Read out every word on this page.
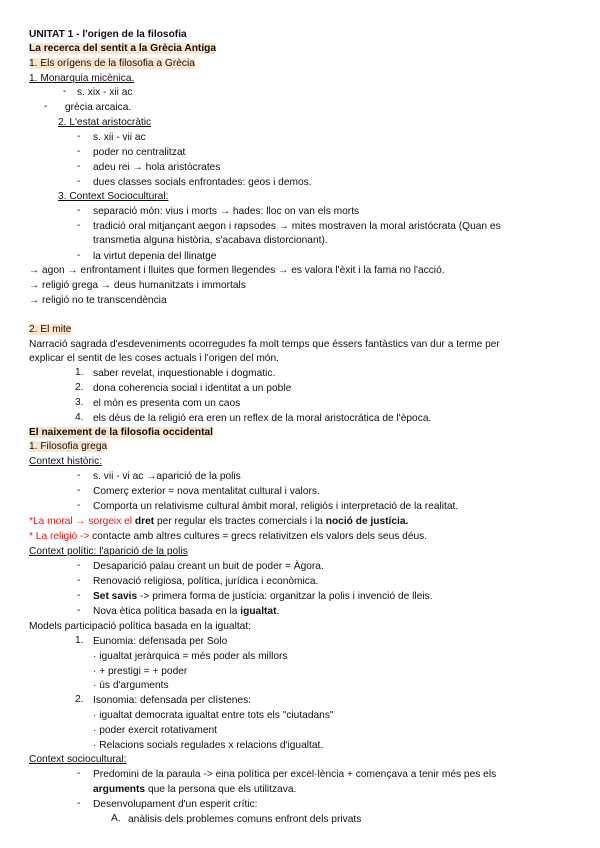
UNITAT 1 - l'origen de la filosofia
La recerca del sentit a la Grècia Antiga
1. Els orígens de la filosofia a Grècia
1. Monarquia micènica.
- s. xix - xii ac
- grècia arcaica.
2. L'estat aristocràtic
- s. xii - vii ac
- poder no centralitzat
- adeu rei → hola aristòcrates
- dues classes socials enfrontades: geos i demos.
3. Context Sociocultural:
- separació món: vius i morts → hades: lloc on van els morts
- tradició oral mitjançant aegon i rapsodes → mites mostraven la moral aristócrata (Quan es
transmetia alguna història, s'acabava distorcionant).
- la virtut depenia del llinatge
→ agon → enfrontament i lluites que formen llegendes → es valora l'èxit i la fama no l'acció.
→ religió grega → deus humanitzats i immortals
→ religió no te transcendència
2. El mite
Narració sagrada d'esdeveniments ocorregudes fa molt temps que éssers fantàstics van dur a terme per
explicar el sentit de les coses actuals i l'origen del món.
1. saber revelat, inquestionable i dogmatic.
2. dona coherencia social i identitat a un poble
3. el món es presenta com un caos
4. els déus de la religió era eren un reflex de la moral aristocrática de l'època.
El naixement de la filosofia occidental
1. Filosofia grega
Context històric:
- s. vii - vi ac →aparició de la polis
- Comerç exterior = nova mentalitat cultural i valors.
- Comporta un relativisme cultural àmbit moral, religiós i interpretació de la realitat.
*La moral → sorgeix el dret per regular els tractes comercials i la noció de justícia.
* La religió -> contacte amb altres cultures = grecs relativitzen els valors dels seus déus.
Context polític: l'aparició de la polis
- Desaparició palau creant un buit de poder = Àgora.
- Renovació religiosa, política, jurídica i econòmica.
- Set savis -> primera forma de justícia: organitzar la polis i invenció de lleis.
- Nova ètica política basada en la igualtat.
Models participació política basada en la igualtat:
1. Eunomia: defensada per Solo
· igualtat jeràrquica = més poder als millors
· + prestigi = + poder
· ús d'arguments
2. Isonomia: defensada per clístenes:
· igualtat democrata igualtat entre tots els "ciutadans"
· poder exercit rotativament
· Relacions socials regulades x relacions d'igualtat.
Context sociocultural:
- Predomini de la paraula -> eina política per excel·lència + començava a tenir més pes els
arguments que la persona que els utilitzava.
- Desenvolupament d'un esperit crític:
A. anàlisis dels problemes comuns enfront dels privats
